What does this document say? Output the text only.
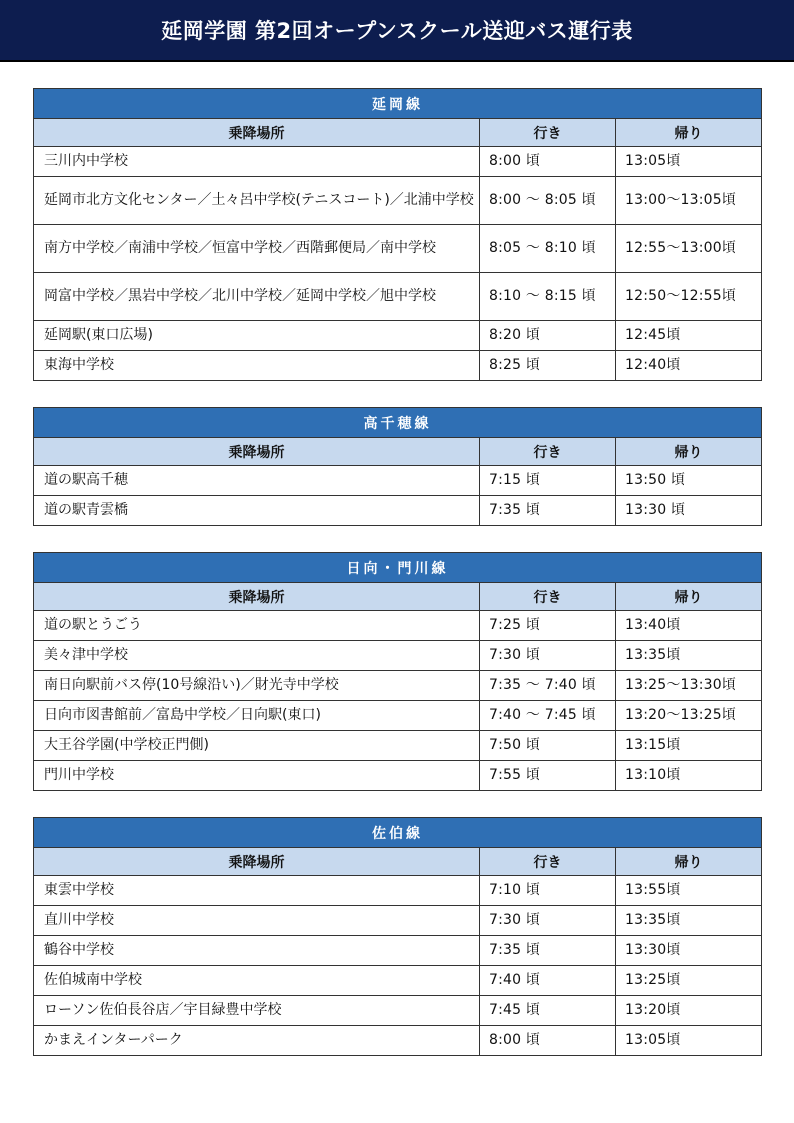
延岡学園 第2回オープンスクール送迎バス運行表
延岡線		
乗降場所	行き	帰り
三川内中学校	8:00 頃	13:05頃
延岡市北方文化センター／土々呂中学校(テニスコート)／北浦中学校	8:00 ～ 8:05 頃	13:00～13:05頃
南方中学校／南浦中学校／恒富中学校／西階郵便局／南中学校	8:05 ～ 8:10 頃	12:55～13:00頃
岡富中学校／黒岩中学校／北川中学校／延岡中学校／旭中学校	8:10 ～ 8:15 頃	12:50～12:55頃
延岡駅(東口広場)	8:20 頃	12:45頃
東海中学校	8:25 頃	12:40頃
高千穂線		
乗降場所	行き	帰り
道の駅高千穂	7:15 頃	13:50 頃
道の駅青雲橋	7:35 頃	13:30 頃
日向・門川線		
乗降場所	行き	帰り
道の駅とうごう	7:25 頃	13:40頃
美々津中学校	7:30 頃	13:35頃
南日向駅前バス停(10号線沿い)／財光寺中学校	7:35 ～ 7:40 頃	13:25～13:30頃
日向市図書館前／富島中学校／日向駅(東口)	7:40 ～ 7:45 頃	13:20～13:25頃
大王谷学園(中学校正門側)	7:50 頃	13:15頃
門川中学校	7:55 頃	13:10頃
佐伯線		
乗降場所	行き	帰り
東雲中学校	7:10 頃	13:55頃
直川中学校	7:30 頃	13:35頃
鶴谷中学校	7:35 頃	13:30頃
佐伯城南中学校	7:40 頃	13:25頃
ローソン佐伯長谷店／宇目緑豊中学校	7:45 頃	13:20頃
かまえインターパーク	8:00 頃	13:05頃
